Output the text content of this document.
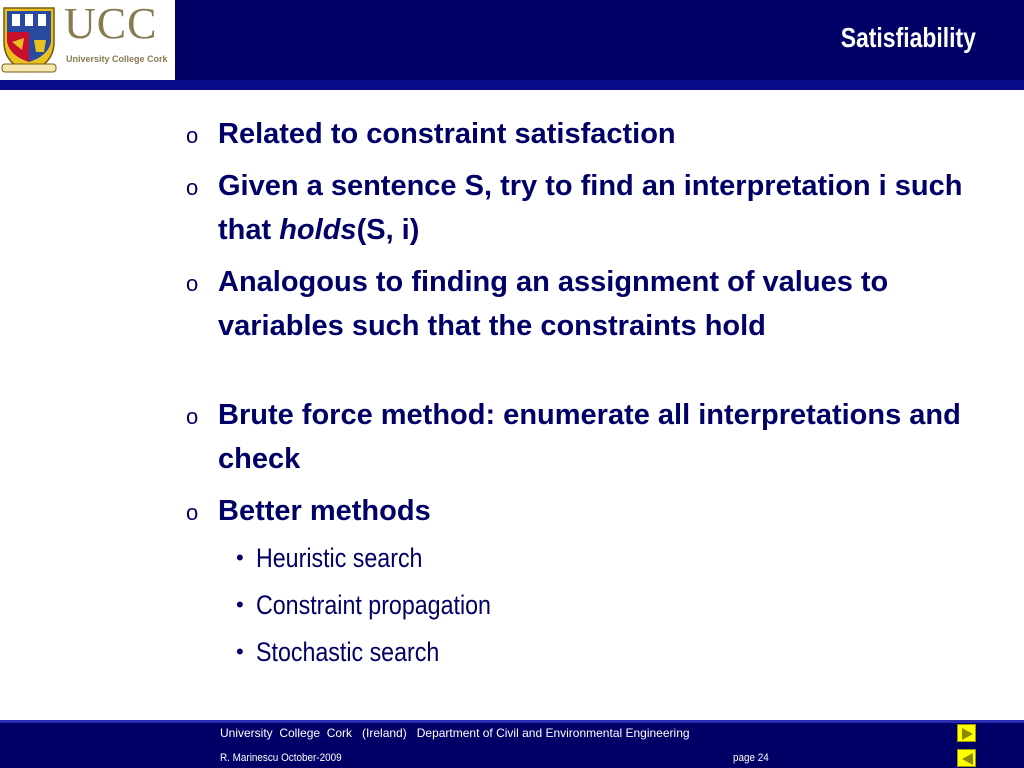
UCC
University College Cork
Satisfiability
o Related to constraint satisfaction
o Given a sentence S, try to find an interpretation i such that holds(S, i)
o Analogous to finding an assignment of values to variables such that the constraints hold
o Brute force method: enumerate all interpretations and check
o Better methods
• Heuristic search
• Constraint propagation
• Stochastic search
University  College  Cork   (Ireland)   Department of Civil and Environmental Engineering
R. Marinescu October-2009	page 24
